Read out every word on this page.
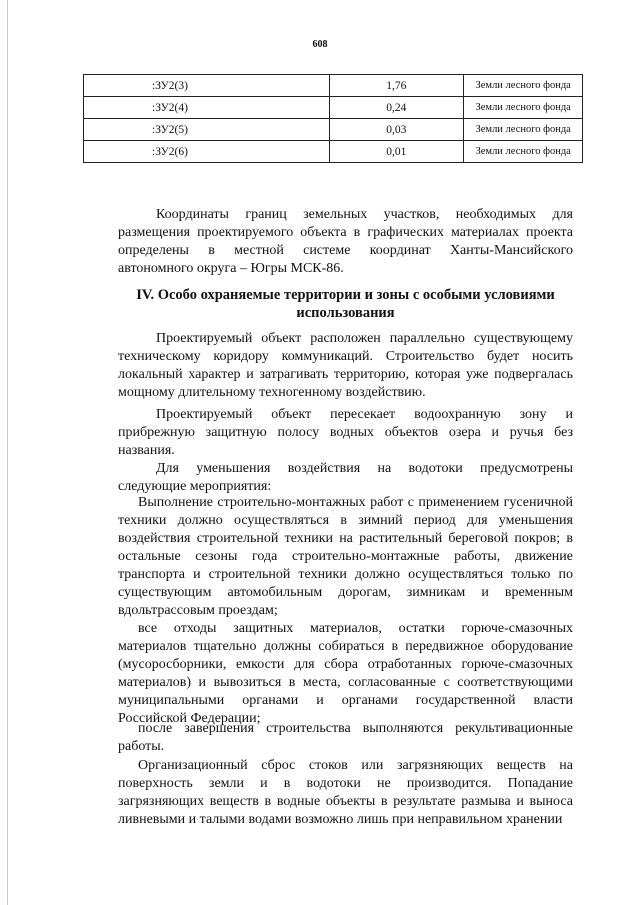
608
:ЗУ2(3)	1,76	Земли лесного фонда
:ЗУ2(4)	0,24	Земли лесного фонда
:ЗУ2(5)	0,03	Земли лесного фонда
:ЗУ2(6)	0,01	Земли лесного фонда

Координаты границ земельных участков, необходимых для размещения проектируемого объекта в графических материалах проекта определены в местной системе координат Ханты-Мансийского автономного округа – Югры МСК-86.

IV. Особо охраняемые территории и зоны с особыми условиями использования

Проектируемый объект расположен параллельно существующему техническому коридору коммуникаций. Строительство будет носить локальный характер и затрагивать территорию, которая уже подвергалась мощному длительному техногенному воздействию.

Проектируемый объект пересекает водоохранную зону и прибрежную защитную полосу водных объектов озера и ручья без названия.

Для уменьшения воздействия на водотоки предусмотрены следующие мероприятия:

Выполнение строительно-монтажных работ с применением гусеничной техники должно осуществляться в зимний период для уменьшения воздействия строительной техники на растительный береговой покров; в остальные сезоны года строительно-монтажные работы, движение транспорта и строительной техники должно осуществляться только по существующим автомобильным дорогам, зимникам и временным вдольтрассовым проездам;

все отходы защитных материалов, остатки горюче-смазочных материалов тщательно должны собираться в передвижное оборудование (мусоросборники, емкости для сбора отработанных горюче-смазочных материалов) и вывозиться в места, согласованные с соответствующими муниципальными органами и органами государственной власти Российской Федерации;

после завершения строительства выполняются рекультивационные работы.

Организационный сброс стоков или загрязняющих веществ на поверхность земли и в водотоки не производится. Попадание загрязняющих веществ в водные объекты в результате размыва и выноса ливневыми и талыми водами возможно лишь при неправильном хранении
